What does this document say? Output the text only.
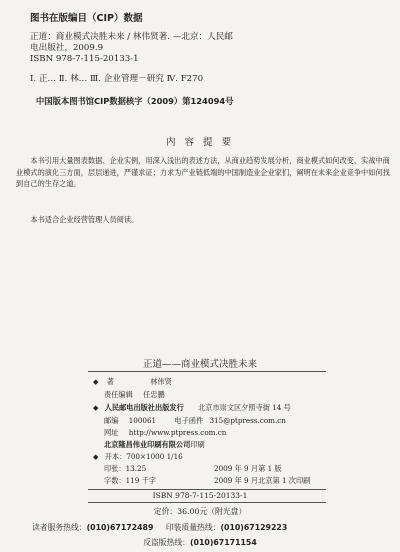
图书在版编目（CIP）数据
正道：商业模式决胜未来 / 林伟贤著. —北京：人民邮
电出版社，2009.9
ISBN 978-7-115-20133-1
Ⅰ. 正… Ⅱ. 林… Ⅲ. 企业管理－研究 Ⅳ. F270
中国版本图书馆CIP数据核字（2009）第124094号
内 容 提 要

本书引用大量图表数据、企业实例，用深入浅出的表述方法，从商业趋势发展分析，商业模式如何改变，实战中商业模式的演化三方面，层层递进，严谨求证；力求为产业链低端的中国制造业企业家们，阐明在未来企业竞争中如何找到自己的生存之道。

本书适合企业经营管理人员阅读。

正道——商业模式决胜未来
◆ 著	林伟贤
责任编辑 任忠鹏
◆ 人民邮电出版社出版发行 北京市崇文区夕照寺街 14 号
邮编 100061	电子函件 315@ptpress.com.cn
网址 http://www.ptpress.com.cn
北京隆昌伟业印刷有限公司印刷
◆ 开本：700×1000 1/16
印张：13.25	2009 年 9 月第 1 版
字数：119 千字	2009 年 9 月北京第 1 次印刷
ISBN 978-7-115-20133-1
定价：36.00元（附光盘）
读者服务热线：(010)67172489 印装质量热线：(010)67129223
反盗版热线：(010)67171154
